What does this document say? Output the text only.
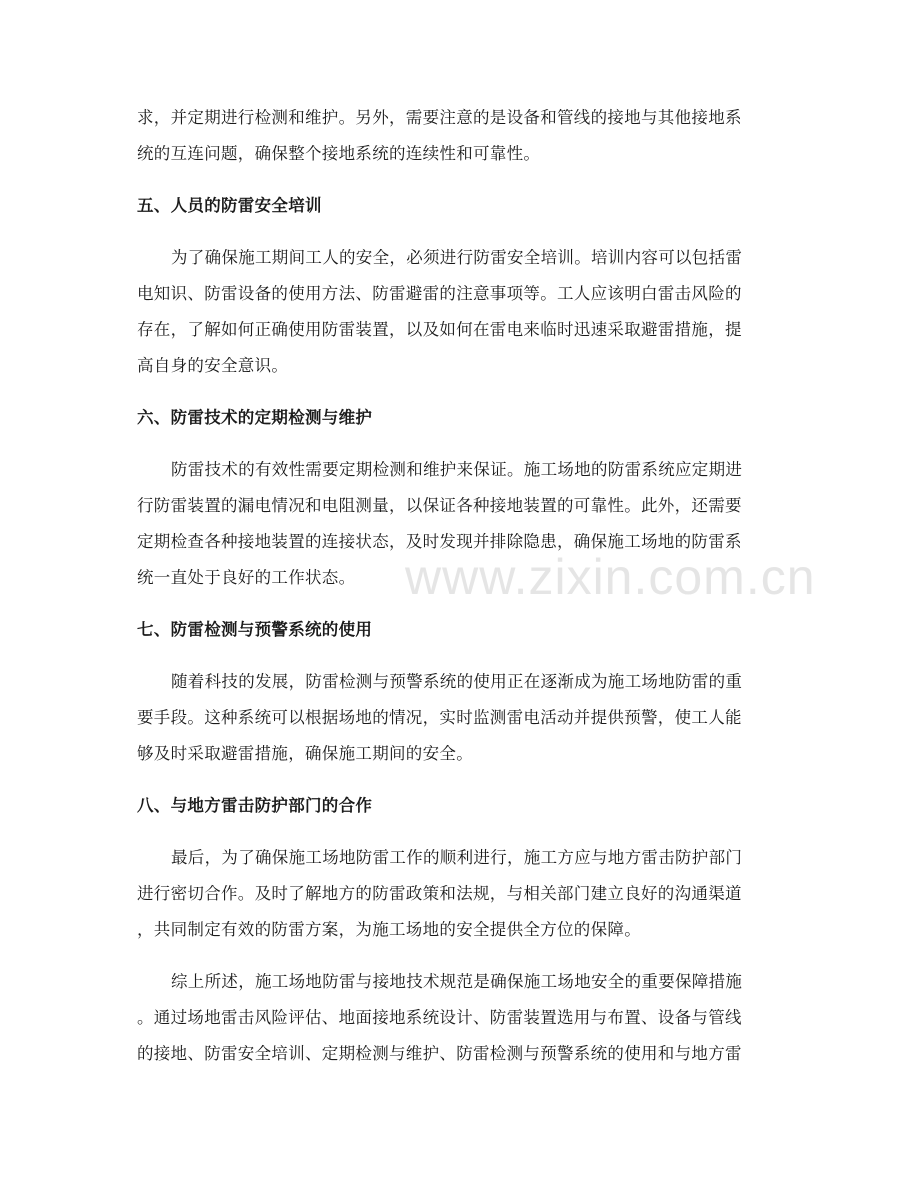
求，并定期进行检测和维护。另外，需要注意的是设备和管线的接地与其他接地系
统的互连问题，确保整个接地系统的连续性和可靠性。
五、人员的防雷安全培训
为了确保施工期间工人的安全，必须进行防雷安全培训。培训内容可以包括雷
电知识、防雷设备的使用方法、防雷避雷的注意事项等。工人应该明白雷击风险的
存在，了解如何正确使用防雷装置，以及如何在雷电来临时迅速采取避雷措施，提
高自身的安全意识。
六、防雷技术的定期检测与维护
防雷技术的有效性需要定期检测和维护来保证。施工场地的防雷系统应定期进
行防雷装置的漏电情况和电阻测量，以保证各种接地装置的可靠性。此外，还需要
定期检查各种接地装置的连接状态，及时发现并排除隐患，确保施工场地的防雷系
统一直处于良好的工作状态。
七、防雷检测与预警系统的使用
随着科技的发展，防雷检测与预警系统的使用正在逐渐成为施工场地防雷的重
要手段。这种系统可以根据场地的情况，实时监测雷电活动并提供预警，使工人能
够及时采取避雷措施，确保施工期间的安全。
八、与地方雷击防护部门的合作
最后，为了确保施工场地防雷工作的顺利进行，施工方应与地方雷击防护部门
进行密切合作。及时了解地方的防雷政策和法规，与相关部门建立良好的沟通渠道
，共同制定有效的防雷方案，为施工场地的安全提供全方位的保障。
综上所述，施工场地防雷与接地技术规范是确保施工场地安全的重要保障措施
。通过场地雷击风险评估、地面接地系统设计、防雷装置选用与布置、设备与管线
的接地、防雷安全培训、定期检测与维护、防雷检测与预警系统的使用和与地方雷
www.zixin.com.cn
